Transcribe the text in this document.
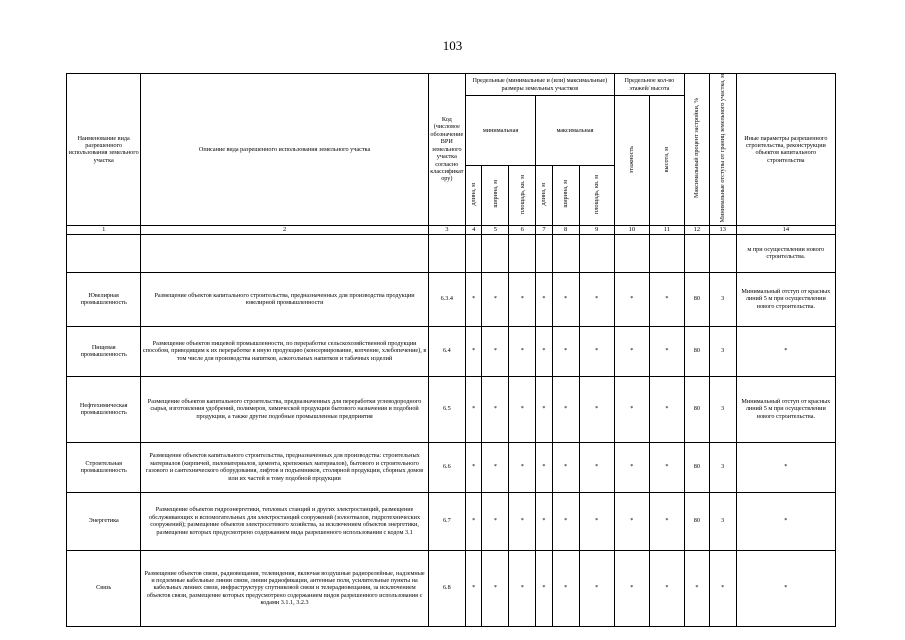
103
Наименование вида разрешенного использования земельного участка	Описание вида разрешенного использования земельного участка	Код (числовое обозначение ВРИ земельного участка согласно классификатору)	Предельные (минимальные и (или) максимальные) размеры земельных участков						Предельное кол-во этажей/ высота		Максимальный процент застройки, %	Минимальные отступы от границ земельного участка, м	Иные параметры разрешенного строительства, реконструкции объектов капитального строительства
			минимальная			максимальная			этажность	высота, м			
			длина, м	ширина, м	площадь, кв. м	длина, м	ширина, м	площадь, кв. м					
1	2	3	4	5	6	7	8	9	10	11	12	13	14
													м при осуществлении нового строительства.
Ювелирная промышленность	Размещение объектов капитального строительства, предназначенных для производства продукции ювелирной промышленности	6.3.4	*	*	*	*	*	*	*	*	80	3	Минимальный отступ от красных линий 5 м при осуществлении нового строительства.
Пищевая промышленность	Размещение объектов пищевой промышленности, по переработке сельскохозяйственной продукции способом, приводящим к их переработке в иную продукцию (консервирование, копчение, хлебопечение), в том числе для производства напитков, алкогольных напитков и табачных изделий	6.4	*	*	*	*	*	*	*	*	80	3	*
Нефтехимическая промышленность	Размещение объектов капитального строительства, предназначенных для переработки углеводородного сырья, изготовления удобрений, полимеров, химической продукции бытового назначения и подобной продукции, а также другие подобные промышленные предприятия	6.5	*	*	*	*	*	*	*	*	80	3	Минимальный отступ от красных линий 5 м при осуществлении нового строительства.
Строительная промышленность	Размещение объектов капитального строительства, предназначенных для производства: строительных материалов (кирпичей, пиломатериалов, цемента, крепежных материалов), бытового и строительного газового и сантехнического оборудования, лифтов и подъемников, столярной продукции, сборных домов или их частей и тому подобной продукции	6.6	*	*	*	*	*	*	*	*	80	3	*
Энергетика	Размещение объектов гидроэнергетики, тепловых станций и других электростанций, размещение обслуживающих и вспомогательных для электростанций сооружений (золоотвалов, гидротехнических сооружений); размещение объектов электросетевого хозяйства, за исключением объектов энергетики, размещение которых предусмотрено содержанием вида разрешенного использования с кодом 3.1	6.7	*	*	*	*	*	*	*	*	80	3	*
Связь	Размещение объектов связи, радиовещания, телевидения, включая воздушные радиорелейные, надземные и подземные кабельные линии связи, линии радиофикации, антенные поля, усилительные пункты на кабельных линиях связи, инфраструктуру спутниковой связи и телерадиовещания, за исключением объектов связи, размещение которых предусмотрено содержанием видов разрешенного использования с кодами 3.1.1, 3.2.3	6.8	*	*	*	*	*	*	*	*	*	*	*
